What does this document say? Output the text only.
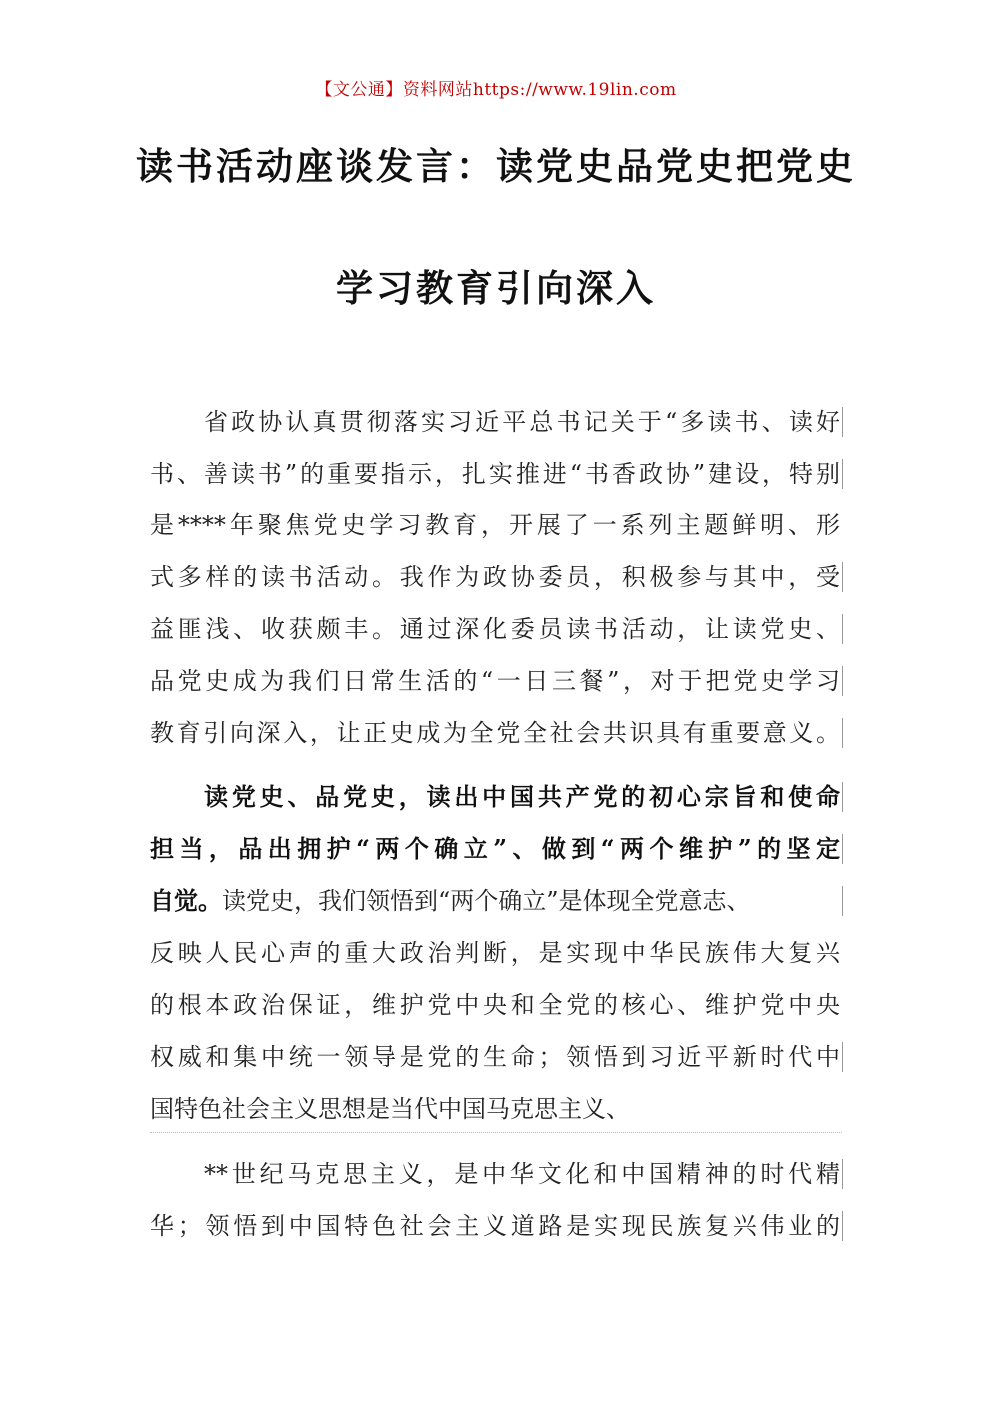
【文公通】资料网站https://www.19lin.com
读书活动座谈发言：读党史品党史把党史
学习教育引向深入
省政协认真贯彻落实习近平总书记关于“多读书、读好
书、善读书”的重要指示，扎实推进“书香政协”建设，特别
是****年聚焦党史学习教育，开展了一系列主题鲜明、形
式多样的读书活动。我作为政协委员，积极参与其中，受
益匪浅、收获颇丰。通过深化委员读书活动，让读党史、
品党史成为我们日常生活的“一日三餐”，对于把党史学习
教育引向深入，让正史成为全党全社会共识具有重要意义。
读党史、品党史，读出中国共产党的初心宗旨和使命
担当，品出拥护“两个确立”、做到“两个维护”的坚定
自觉。读党史，我们领悟到“两个确立”是体现全党意志、
反映人民心声的重大政治判断，是实现中华民族伟大复兴
的根本政治保证，维护党中央和全党的核心、维护党中央
权威和集中统一领导是党的生命；领悟到习近平新时代中
国特色社会主义思想是当代中国马克思主义、
**世纪马克思主义，是中华文化和中国精神的时代精
华；领悟到中国特色社会主义道路是实现民族复兴伟业的
